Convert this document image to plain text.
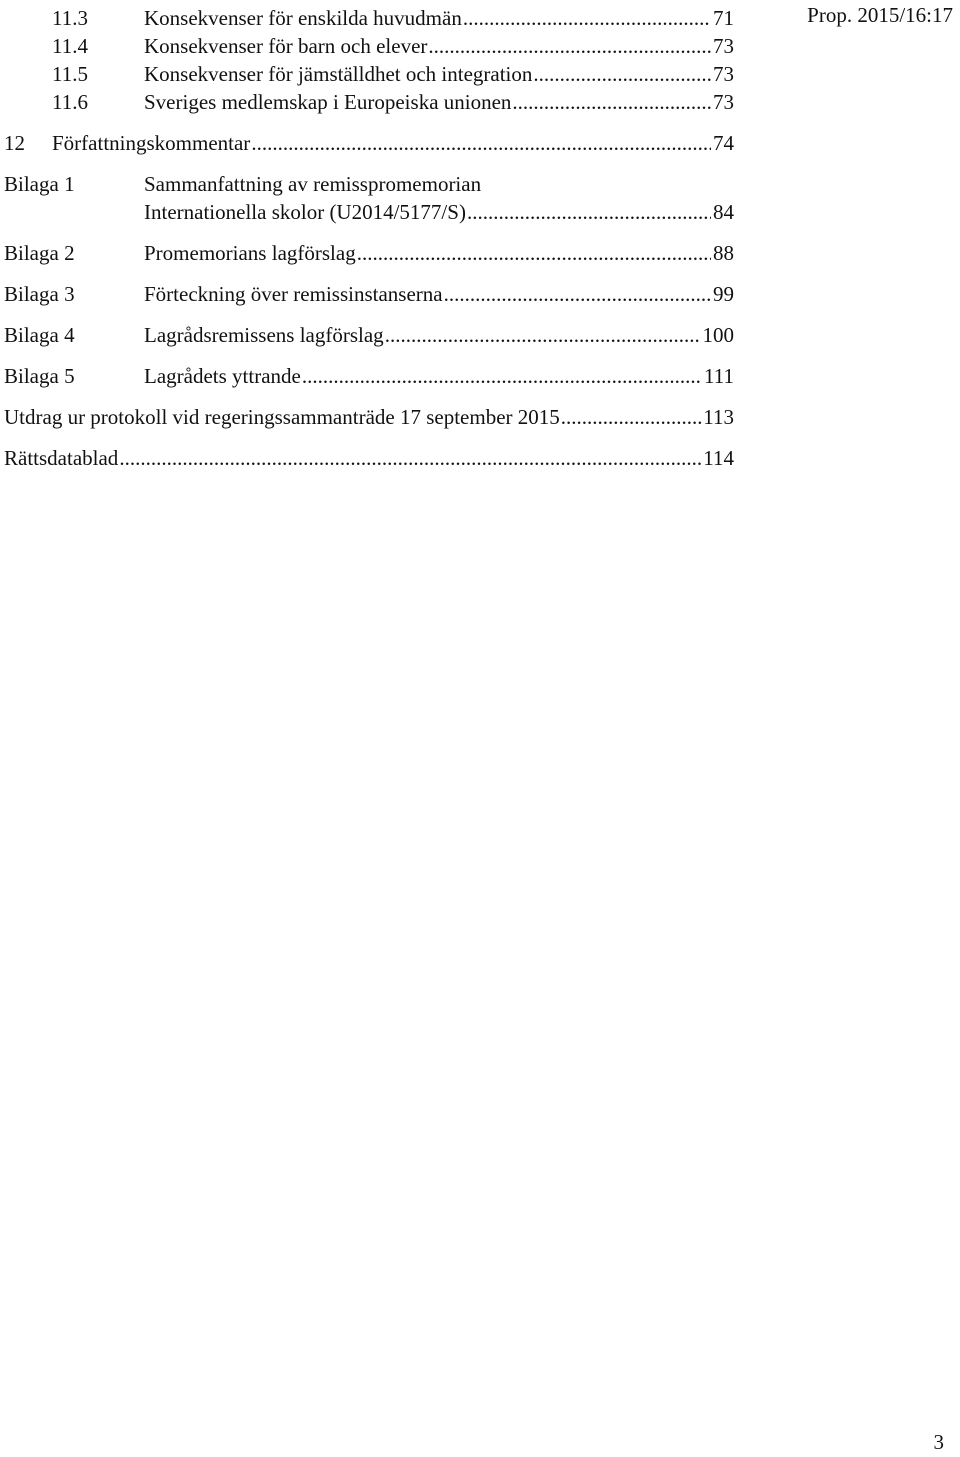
Prop. 2015/16:17
11.3	Konsekvenser för enskilda huvudmän .....	71
11.4	Konsekvenser för barn och elever .....	73
11.5	Konsekvenser för jämställdhet och integration .....	73
11.6	Sveriges medlemskap i Europeiska unionen .....	73
12 Författningskommentar .....	74
Bilaga 1	Sammanfattning av remisspromemorian
Internationella skolor (U2014/5177/S) .....	84
Bilaga 2	Promemorians lagförslag .....	88
Bilaga 3	Förteckning över remissinstanserna .....	99
Bilaga 4	Lagrådsremissens lagförslag .....	100
Bilaga 5	Lagrådets yttrande .....	111
Utdrag ur protokoll vid regeringssammanträde 17 september 2015 .....	113
Rättsdatablad .....	114
3
